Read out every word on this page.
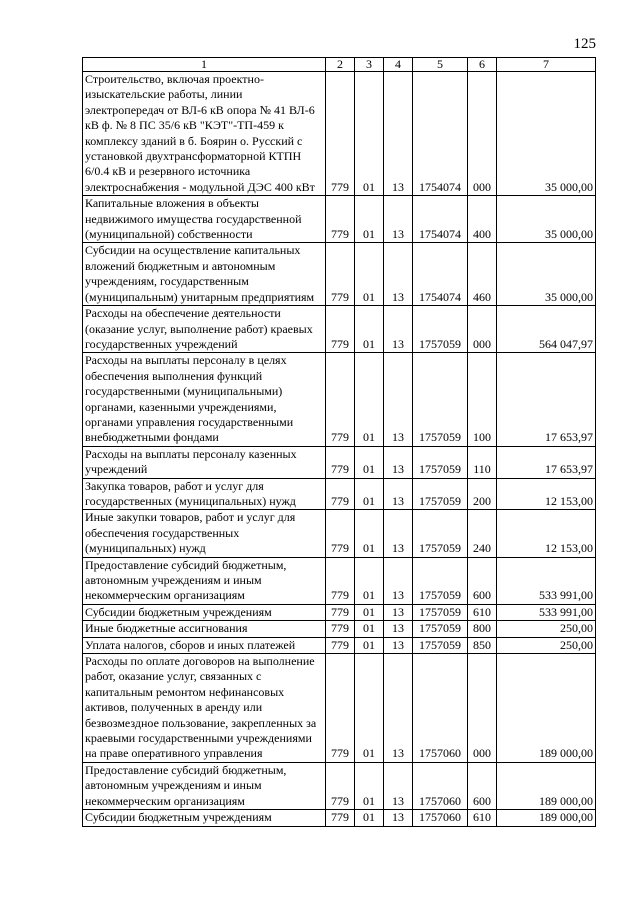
125
1	2	3	4	5	6	7
Строительство, включая проектно-изыскательские работы, линии электропередач от ВЛ-6 кВ опора № 41 ВЛ-6 кВ ф. № 8 ПС 35/6 кВ "КЭТ"-ТП-459 к комплексу зданий в б. Боярин о. Русский с установкой двухтрансформаторной КТПН 6/0.4 кВ и резервного источника электроснабжения - модульной ДЭС 400 кВт	779	01	13	1754074	000	35 000,00
Капитальные вложения в объекты недвижимого имущества государственной (муниципальной) собственности	779	01	13	1754074	400	35 000,00
Субсидии на осуществление капитальных вложений бюджетным и автономным учреждениям, государственным (муниципальным) унитарным предприятиям	779	01	13	1754074	460	35 000,00
Расходы на обеспечение деятельности (оказание услуг, выполнение работ) краевых государственных учреждений	779	01	13	1757059	000	564 047,97
Расходы на выплаты персоналу в целях обеспечения выполнения функций государственными (муниципальными) органами, казенными учреждениями, органами управления государственными внебюджетными фондами	779	01	13	1757059	100	17 653,97
Расходы на выплаты персоналу казенных учреждений	779	01	13	1757059	110	17 653,97
Закупка товаров, работ и услуг для государственных (муниципальных) нужд	779	01	13	1757059	200	12 153,00
Иные закупки товаров, работ и услуг для обеспечения государственных (муниципальных) нужд	779	01	13	1757059	240	12 153,00
Предоставление субсидий бюджетным, автономным учреждениям и иным некоммерческим организациям	779	01	13	1757059	600	533 991,00
Субсидии бюджетным учреждениям	779	01	13	1757059	610	533 991,00
Иные бюджетные ассигнования	779	01	13	1757059	800	250,00
Уплата налогов, сборов и иных платежей	779	01	13	1757059	850	250,00
Расходы по оплате договоров на выполнение работ, оказание услуг, связанных с капитальным ремонтом нефинансовых активов, полученных в аренду или безвозмездное пользование, закрепленных за краевыми государственными учреждениями на праве оперативного управления	779	01	13	1757060	000	189 000,00
Предоставление субсидий бюджетным, автономным учреждениям и иным некоммерческим организациям	779	01	13	1757060	600	189 000,00
Субсидии бюджетным учреждениям	779	01	13	1757060	610	189 000,00
